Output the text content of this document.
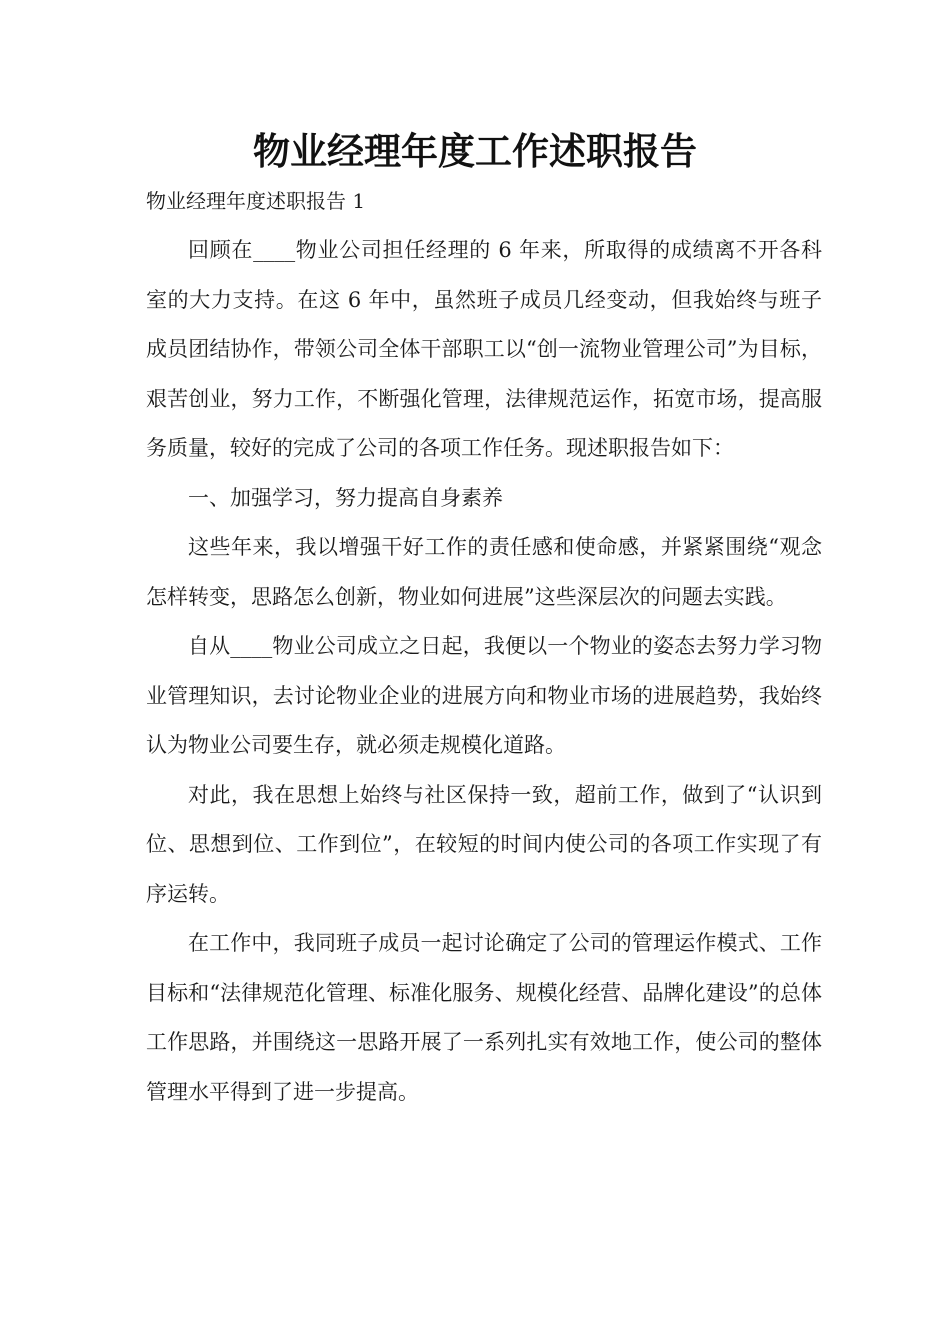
物业经理年度工作述职报告

物业经理年度述职报告 1

回顾在____物业公司担任经理的 6 年来，所取得的成绩离不开各科室的大力支持。在这 6 年中，虽然班子成员几经变动，但我始终与班子成员团结协作，带领公司全体干部职工以“创一流物业管理公司”为目标，艰苦创业，努力工作，不断强化管理，法律规范运作，拓宽市场，提高服务质量，较好的完成了公司的各项工作任务。现述职报告如下：

一、加强学习，努力提高自身素养

这些年来，我以增强干好工作的责任感和使命感，并紧紧围绕“观念怎样转变，思路怎么创新，物业如何进展”这些深层次的问题去实践。

自从____物业公司成立之日起，我便以一个物业的姿态去努力学习物业管理知识，去讨论物业企业的进展方向和物业市场的进展趋势，我始终认为物业公司要生存，就必须走规模化道路。

对此，我在思想上始终与社区保持一致，超前工作，做到了“认识到位、思想到位、工作到位”，在较短的时间内使公司的各项工作实现了有序运转。

在工作中，我同班子成员一起讨论确定了公司的管理运作模式、工作目标和“法律规范化管理、标准化服务、规模化经营、品牌化建设”的总体工作思路，并围绕这一思路开展了一系列扎实有效地工作，使公司的整体管理水平得到了进一步提高。
